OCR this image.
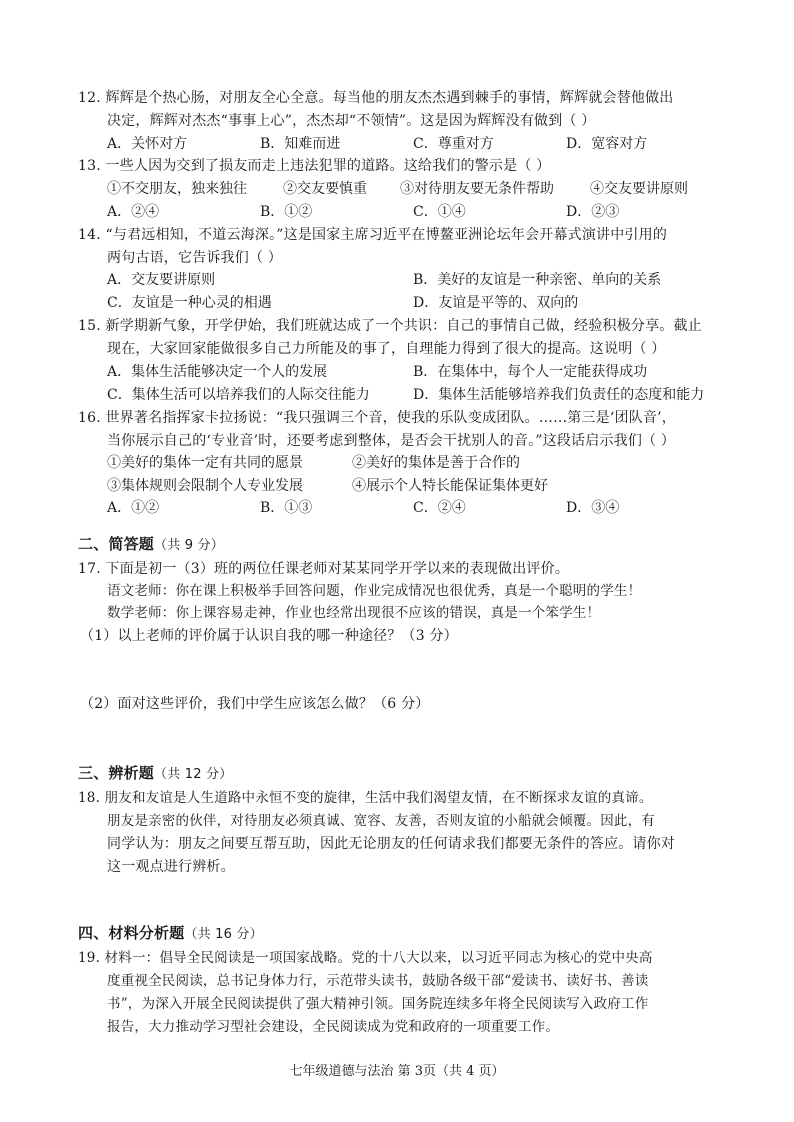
12. 辉辉是个热心肠，对朋友全心全意。每当他的朋友杰杰遇到棘手的事情，辉辉就会替他做出
决定，辉辉对杰杰“事事上心”，杰杰却“不领情”。这是因为辉辉没有做到（ ）
A．关怀对方	B．知难而进	C．尊重对方	D．宽容对方
13. 一些人因为交到了损友而走上违法犯罪的道路。这给我们的警示是（ ）
①不交朋友，独来独往	②交友要慎重 ③对待朋友要无条件帮助	④交友要讲原则
A．②④	B．①②	C．①④	D．②③
14. “与君远相知，不道云海深。”这是国家主席习近平在博鳌亚洲论坛年会开幕式演讲中引用的
两句古语，它告诉我们（ ）
A．交友要讲原则	B．美好的友谊是一种亲密、单向的关系
C．友谊是一种心灵的相遇	D．友谊是平等的、双向的
15. 新学期新气象，开学伊始，我们班就达成了一个共识：自己的事情自己做，经验积极分享。截止
现在，大家回家能做很多自己力所能及的事了，自理能力得到了很大的提高。这说明（ ）
A．集体生活能够决定一个人的发展	B．在集体中，每个人一定能获得成功
C．集体生活可以培养我们的人际交往能力	D．集体生活能够培养我们负责任的态度和能力
16. 世界著名指挥家卡拉扬说：“我只强调三个音，使我的乐队变成团队。……第三是‘团队音’，
当你展示自己的‘专业音’时，还要考虑到整体，是否会干扰别人的音。”这段话启示我们（ ）
①美好的集体一定有共同的愿景	②美好的集体是善于合作的
③集体规则会限制个人专业发展	④展示个人特长能保证集体更好
A．①②	B．①③	C．②④	D．③④
二、简答题（共 9 分）
17. 下面是初一（3）班的两位任课老师对某某同学开学以来的表现做出评价。
语文老师：你在课上积极举手回答问题，作业完成情况也很优秀，真是一个聪明的学生！
数学老师：你上课容易走神，作业也经常出现很不应该的错误，真是一个笨学生！
（1）以上老师的评价属于认识自我的哪一种途径？（3 分）
（2）面对这些评价，我们中学生应该怎么做？（6 分）
三、辨析题（共 12 分）
18. 朋友和友谊是人生道路中永恒不变的旋律，生活中我们渴望友情，在不断探求友谊的真谛。
朋友是亲密的伙伴，对待朋友必须真诚、宽容、友善，否则友谊的小船就会倾覆。因此，有
同学认为：朋友之间要互帮互助，因此无论朋友的任何请求我们都要无条件的答应。请你对
这一观点进行辨析。
四、材料分析题（共 16 分）
19. 材料一：倡导全民阅读是一项国家战略。党的十八大以来，以习近平同志为核心的党中央高
度重视全民阅读，总书记身体力行，示范带头读书，鼓励各级干部“爱读书、读好书、善读
书”，为深入开展全民阅读提供了强大精神引领。国务院连续多年将全民阅读写入政府工作
报告，大力推动学习型社会建设，全民阅读成为党和政府的一项重要工作。
七年级道德与法治 第 3页（共 4 页）
